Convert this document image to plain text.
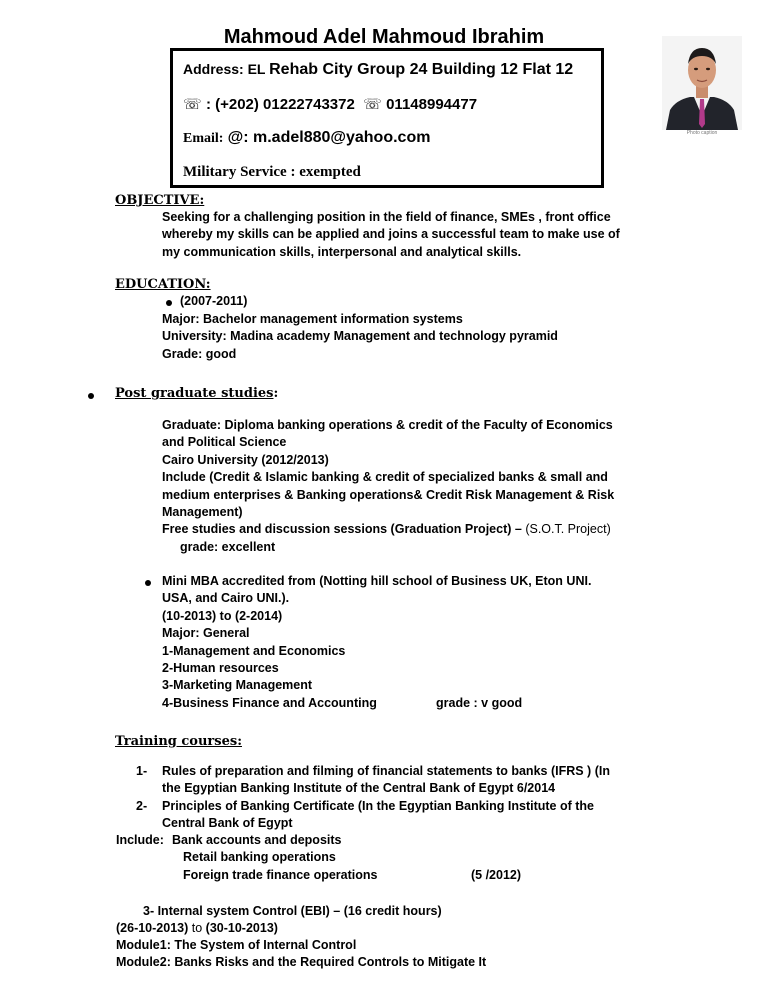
Mahmoud Adel Mahmoud Ibrahim
Address: EL Rehab City Group 24 Building 12 Flat 12
☏ : (+202) 01222743372 ☏ 01148994477
Email: @: m.adel880@yahoo.com
Military Service : exempted
Photo caption
OBJECTIVE:
Seeking for a challenging position in the field of finance, SMEs , front office
whereby my skills can be applied and joins a successful team to make use of
my communication skills, interpersonal and analytical skills.
EDUCATION:
(2007-2011)
Major: Bachelor management information systems
University: Madina academy Management and technology pyramid
Grade: good
Post graduate studies:
Graduate: Diploma banking operations & credit of the Faculty of Economics
and Political Science
Cairo University (2012/2013)
Include (Credit & Islamic banking & credit of specialized banks & small and
medium enterprises & Banking operations& Credit Risk Management & Risk
Management)
Free studies and discussion sessions (Graduation Project) – (S.O.T. Project)
grade: excellent
Mini MBA accredited from (Notting hill school of Business UK, Eton UNI.
USA, and Cairo UNI.).
(10-2013) to (2-2014)
Major: General
1-Management and Economics
2-Human resources
3-Marketing Management
4-Business Finance and Accounting	grade : v good
Training courses:
1- Rules of preparation and filming of financial statements to banks (IFRS ) (In
the Egyptian Banking Institute of the Central Bank of Egypt 6/2014
2- Principles of Banking Certificate (In the Egyptian Banking Institute of the
Central Bank of Egypt
Include: Bank accounts and deposits
Retail banking operations
Foreign trade finance operations	(5 /2012)
3- Internal system Control (EBI) – (16 credit hours)
(26-10-2013) to (30-10-2013)
Module1: The System of Internal Control
Module2: Banks Risks and the Required Controls to Mitigate It
